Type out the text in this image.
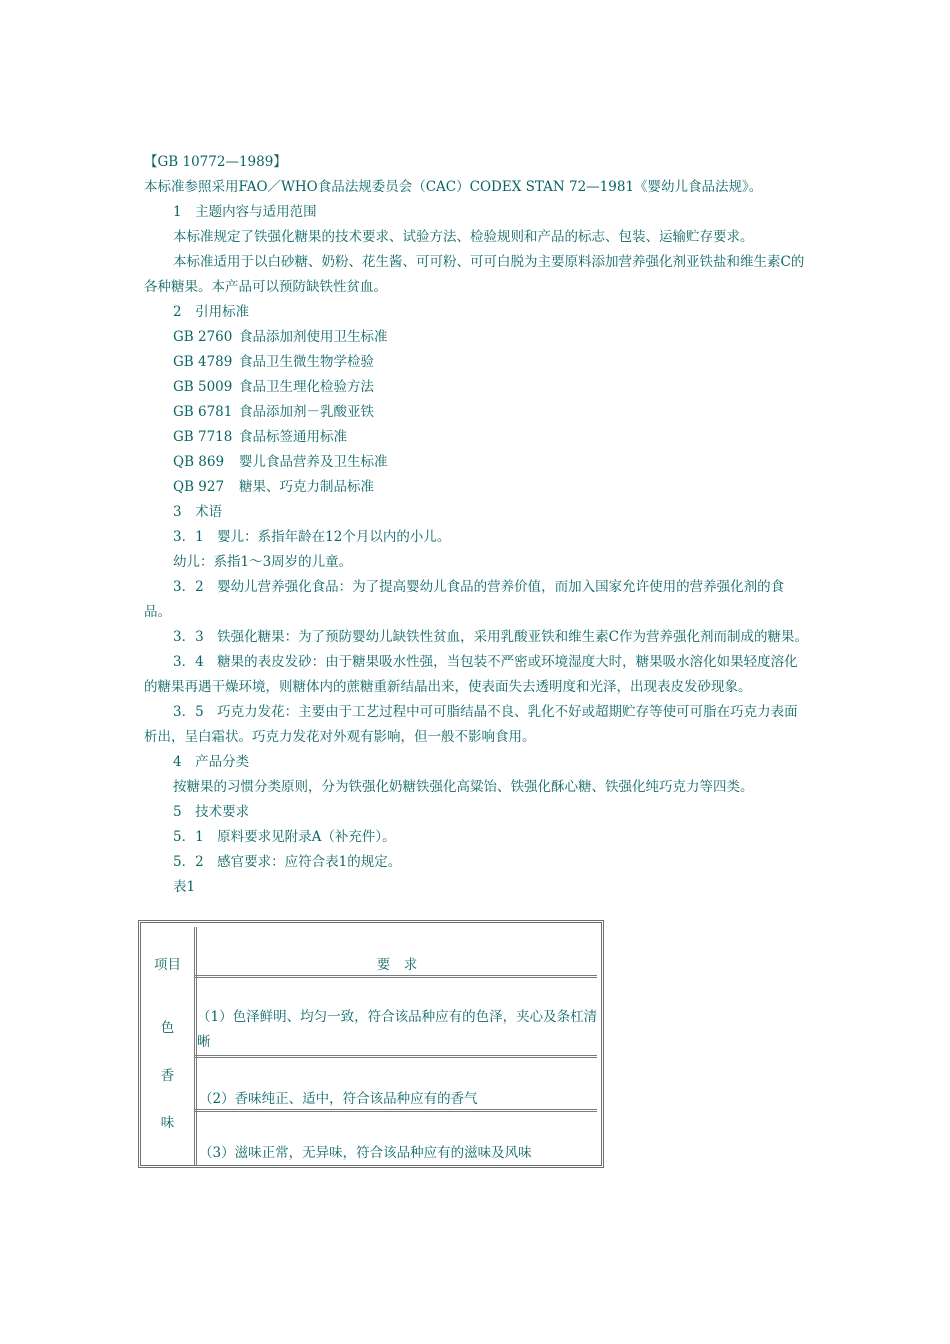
【GB 10772—1989】

本标准参照采用FAO／WHO食品法规委员会（CAC）CODEX STAN 72—1981《婴幼儿食品法规》。

1　主题内容与适用范围

本标准规定了铁强化糖果的技术要求、试验方法、检验规则和产品的标志、包装、运输贮存要求。

本标准适用于以白砂糖、奶粉、花生酱、可可粉、可可白脱为主要原料添加营养强化剂亚铁盐和维生素C的各种糖果。本产品可以预防缺铁性贫血。

2　引用标准

GB 2760 食品添加剂使用卫生标准

GB 4789 食品卫生微生物学检验

GB 5009 食品卫生理化检验方法

GB 6781 食品添加剂－乳酸亚铁

GB 7718 食品标签通用标准

QB 869 婴儿食品营养及卫生标准

QB 927 糖果、巧克力制品标准

3　术语

3．1　婴儿：系指年龄在12个月以内的小儿。

幼儿：系指1～3周岁的儿童。

3．2　婴幼儿营养强化食品：为了提高婴幼儿食品的营养价值，而加入国家允许使用的营养强化剂的食品。

3．3　铁强化糖果：为了预防婴幼儿缺铁性贫血，采用乳酸亚铁和维生素C作为营养强化剂而制成的糖果。

3．4　糖果的表皮发砂：由于糖果吸水性强，当包装不严密或环境湿度大时，糖果吸水溶化如果轻度溶化的糖果再遇干燥环境，则糖体内的蔗糖重新结晶出来，使表面失去透明度和光泽，出现表皮发砂现象。

3．5　巧克力发花：主要由于工艺过程中可可脂结晶不良、乳化不好或超期贮存等使可可脂在巧克力表面析出，呈白霜状。巧克力发花对外观有影响，但一般不影响食用。

4　产品分类

按糖果的习惯分类原则，分为铁强化奶糖铁强化高粱饴、铁强化酥心糖、铁强化纯巧克力等四类。

5　技术要求

5．1　原料要求见附录A（补充件）。

5．2　感官要求：应符合表1的规定。

表1

项目	要　求
色
香
味
（1）色泽鲜明、均匀一致，符合该品种应有的色泽，夹心及条杠清晰
（2）香味纯正、适中，符合该品种应有的香气
（3）滋味正常，无异味，符合该品种应有的滋味及风味
